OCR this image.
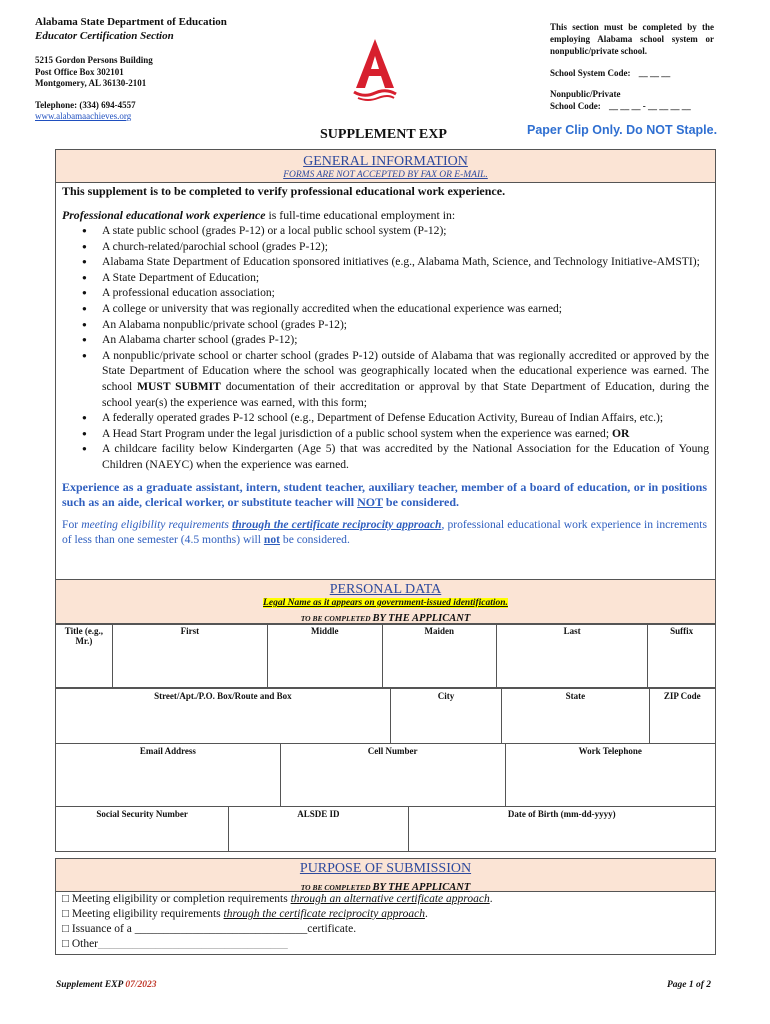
Alabama State Department of Education
Educator Certification Section
5215 Gordon Persons Building
Post Office Box 302101
Montgomery, AL 36130-2101
Telephone: (334) 694-4557
www.alabamaachieves.org
This section must be completed by the employing Alabama school system or nonpublic/private school.
School System Code: __ __ __
Nonpublic/Private
School Code: __ __ __ - __ __ __ __
SUPPLEMENT EXP	Paper Clip Only. Do NOT Staple.
GENERAL INFORMATION
FORMS ARE NOT ACCEPTED BY FAX OR E-MAIL.
This supplement is to be completed to verify professional educational work experience.
Professional educational work experience is full-time educational employment in:
● A state public school (grades P-12) or a local public school system (P-12);
● A church-related/parochial school (grades P-12);
● Alabama State Department of Education sponsored initiatives (e.g., Alabama Math, Science, and Technology Initiative-AMSTI);
● A State Department of Education;
● A professional education association;
● A college or university that was regionally accredited when the educational experience was earned;
● An Alabama nonpublic/private school (grades P-12);
● An Alabama charter school (grades P-12);
● A nonpublic/private school or charter school (grades P-12) outside of Alabama that was regionally accredited or approved by the State Department of Education where the school was geographically located when the educational experience was earned. The school MUST SUBMIT documentation of their accreditation or approval by that State Department of Education, during the school year(s) the experience was earned, with this form;
● A federally operated grades P-12 school (e.g., Department of Defense Education Activity, Bureau of Indian Affairs, etc.);
● A Head Start Program under the legal jurisdiction of a public school system when the experience was earned; OR
● A childcare facility below Kindergarten (Age 5) that was accredited by the National Association for the Education of Young Children (NAEYC) when the experience was earned.
Experience as a graduate assistant, intern, student teacher, auxiliary teacher, member of a board of education, or in positions such as an aide, clerical worker, or substitute teacher will NOT be considered.
For meeting eligibility requirements through the certificate reciprocity approach, professional educational work experience in increments of less than one semester (4.5 months) will not be considered.
PERSONAL DATA
Legal Name as it appears on government-issued identification.
TO BE COMPLETED BY THE APPLICANT
Title (e.g., Mr.)	First	Middle	Maiden	Last	Suffix
Street/Apt./P.O. Box/Route and Box	City	State	ZIP Code
Email Address	Cell Number	Work Telephone
Social Security Number	ALSDE ID	Date of Birth (mm-dd-yyyy)
PURPOSE OF SUBMISSION
TO BE COMPLETED BY THE APPLICANT
□ Meeting eligibility or completion requirements through an alternative certificate approach.
□ Meeting eligibility requirements through the certificate reciprocity approach.
□ Issuance of a ______________________________certificate.
□ Other_________________________________
Supplement EXP 07/2023	Page 1 of 2
